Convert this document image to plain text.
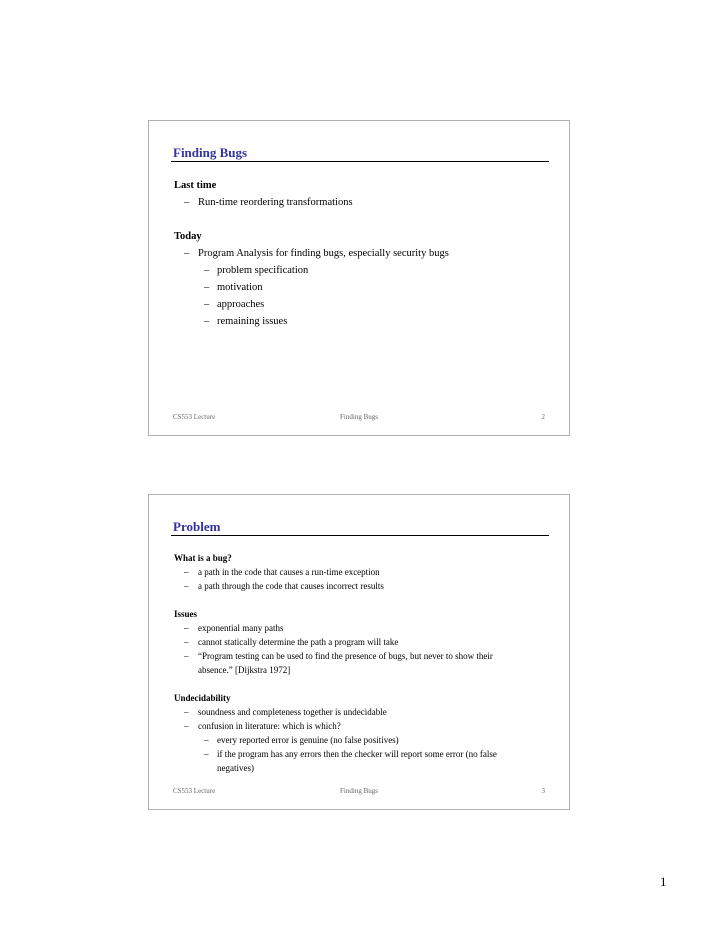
Finding Bugs
Last time
– Run-time reordering transformations
Today
– Program Analysis for finding bugs, especially security bugs
– problem specification
– motivation
– approaches
– remaining issues
CS553 Lecture	Finding Bugs	2
Problem
What is a bug?
– a path in the code that causes a run-time exception
– a path through the code that causes incorrect results
Issues
– exponential many paths
– cannot statically determine the path a program will take
– “Program testing can be used to find the presence of bugs, but never to show their
absence.” [Dijkstra 1972]
Undecidability
– soundness and completeness together is undecidable
– confusion in literature: which is which?
– every reported error is genuine (no false positives)
– if the program has any errors then the checker will report some error (no false
negatives)
CS553 Lecture	Finding Bugs	3
1
